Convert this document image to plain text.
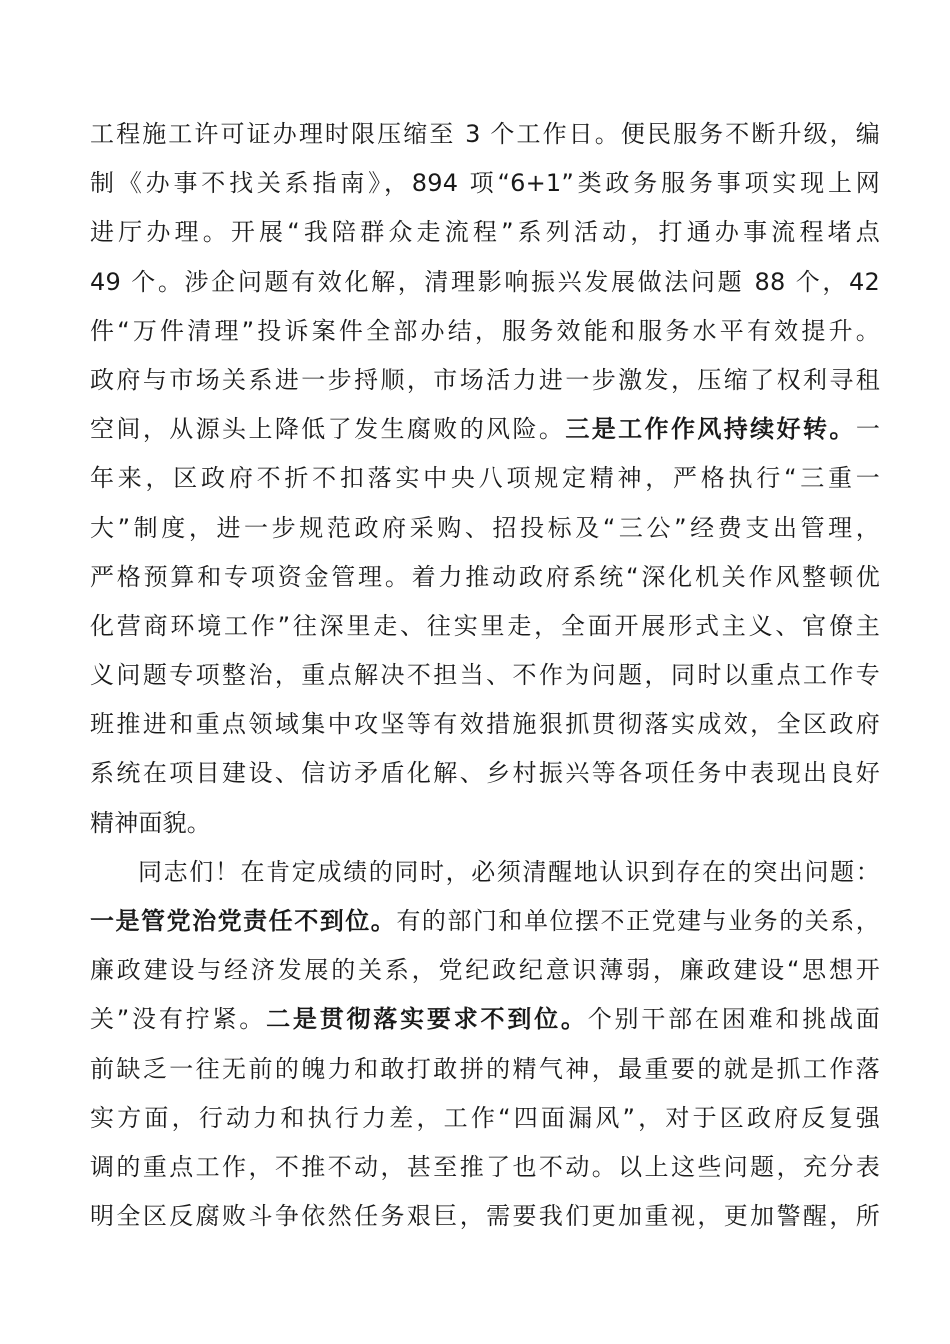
工程施工许可证办理时限压缩至 3 个工作日。便民服务不断升级，编
制《办事不找关系指南》，894 项“6+1”类政务服务事项实现上网
进厅办理。开展“我陪群众走流程”系列活动，打通办事流程堵点
49 个。涉企问题有效化解，清理影响振兴发展做法问题 88 个，42
件“万件清理”投诉案件全部办结，服务效能和服务水平有效提升。
政府与市场关系进一步捋顺，市场活力进一步激发，压缩了权利寻租
空间，从源头上降低了发生腐败的风险。三是工作作风持续好转。一
年来，区政府不折不扣落实中央八项规定精神，严格执行“三重一
大”制度，进一步规范政府采购、招投标及“三公”经费支出管理，
严格预算和专项资金管理。着力推动政府系统“深化机关作风整顿优
化营商环境工作”往深里走、往实里走，全面开展形式主义、官僚主
义问题专项整治，重点解决不担当、不作为问题，同时以重点工作专
班推进和重点领域集中攻坚等有效措施狠抓贯彻落实成效，全区政府
系统在项目建设、信访矛盾化解、乡村振兴等各项任务中表现出良好
精神面貌。
同志们！在肯定成绩的同时，必须清醒地认识到存在的突出问题：
一是管党治党责任不到位。有的部门和单位摆不正党建与业务的关系，
廉政建设与经济发展的关系，党纪政纪意识薄弱，廉政建设“思想开
关”没有拧紧。二是贯彻落实要求不到位。个别干部在困难和挑战面
前缺乏一往无前的魄力和敢打敢拼的精气神，最重要的就是抓工作落
实方面，行动力和执行力差，工作“四面漏风”，对于区政府反复强
调的重点工作，不推不动，甚至推了也不动。以上这些问题，充分表
明全区反腐败斗争依然任务艰巨，需要我们更加重视，更加警醒，所
